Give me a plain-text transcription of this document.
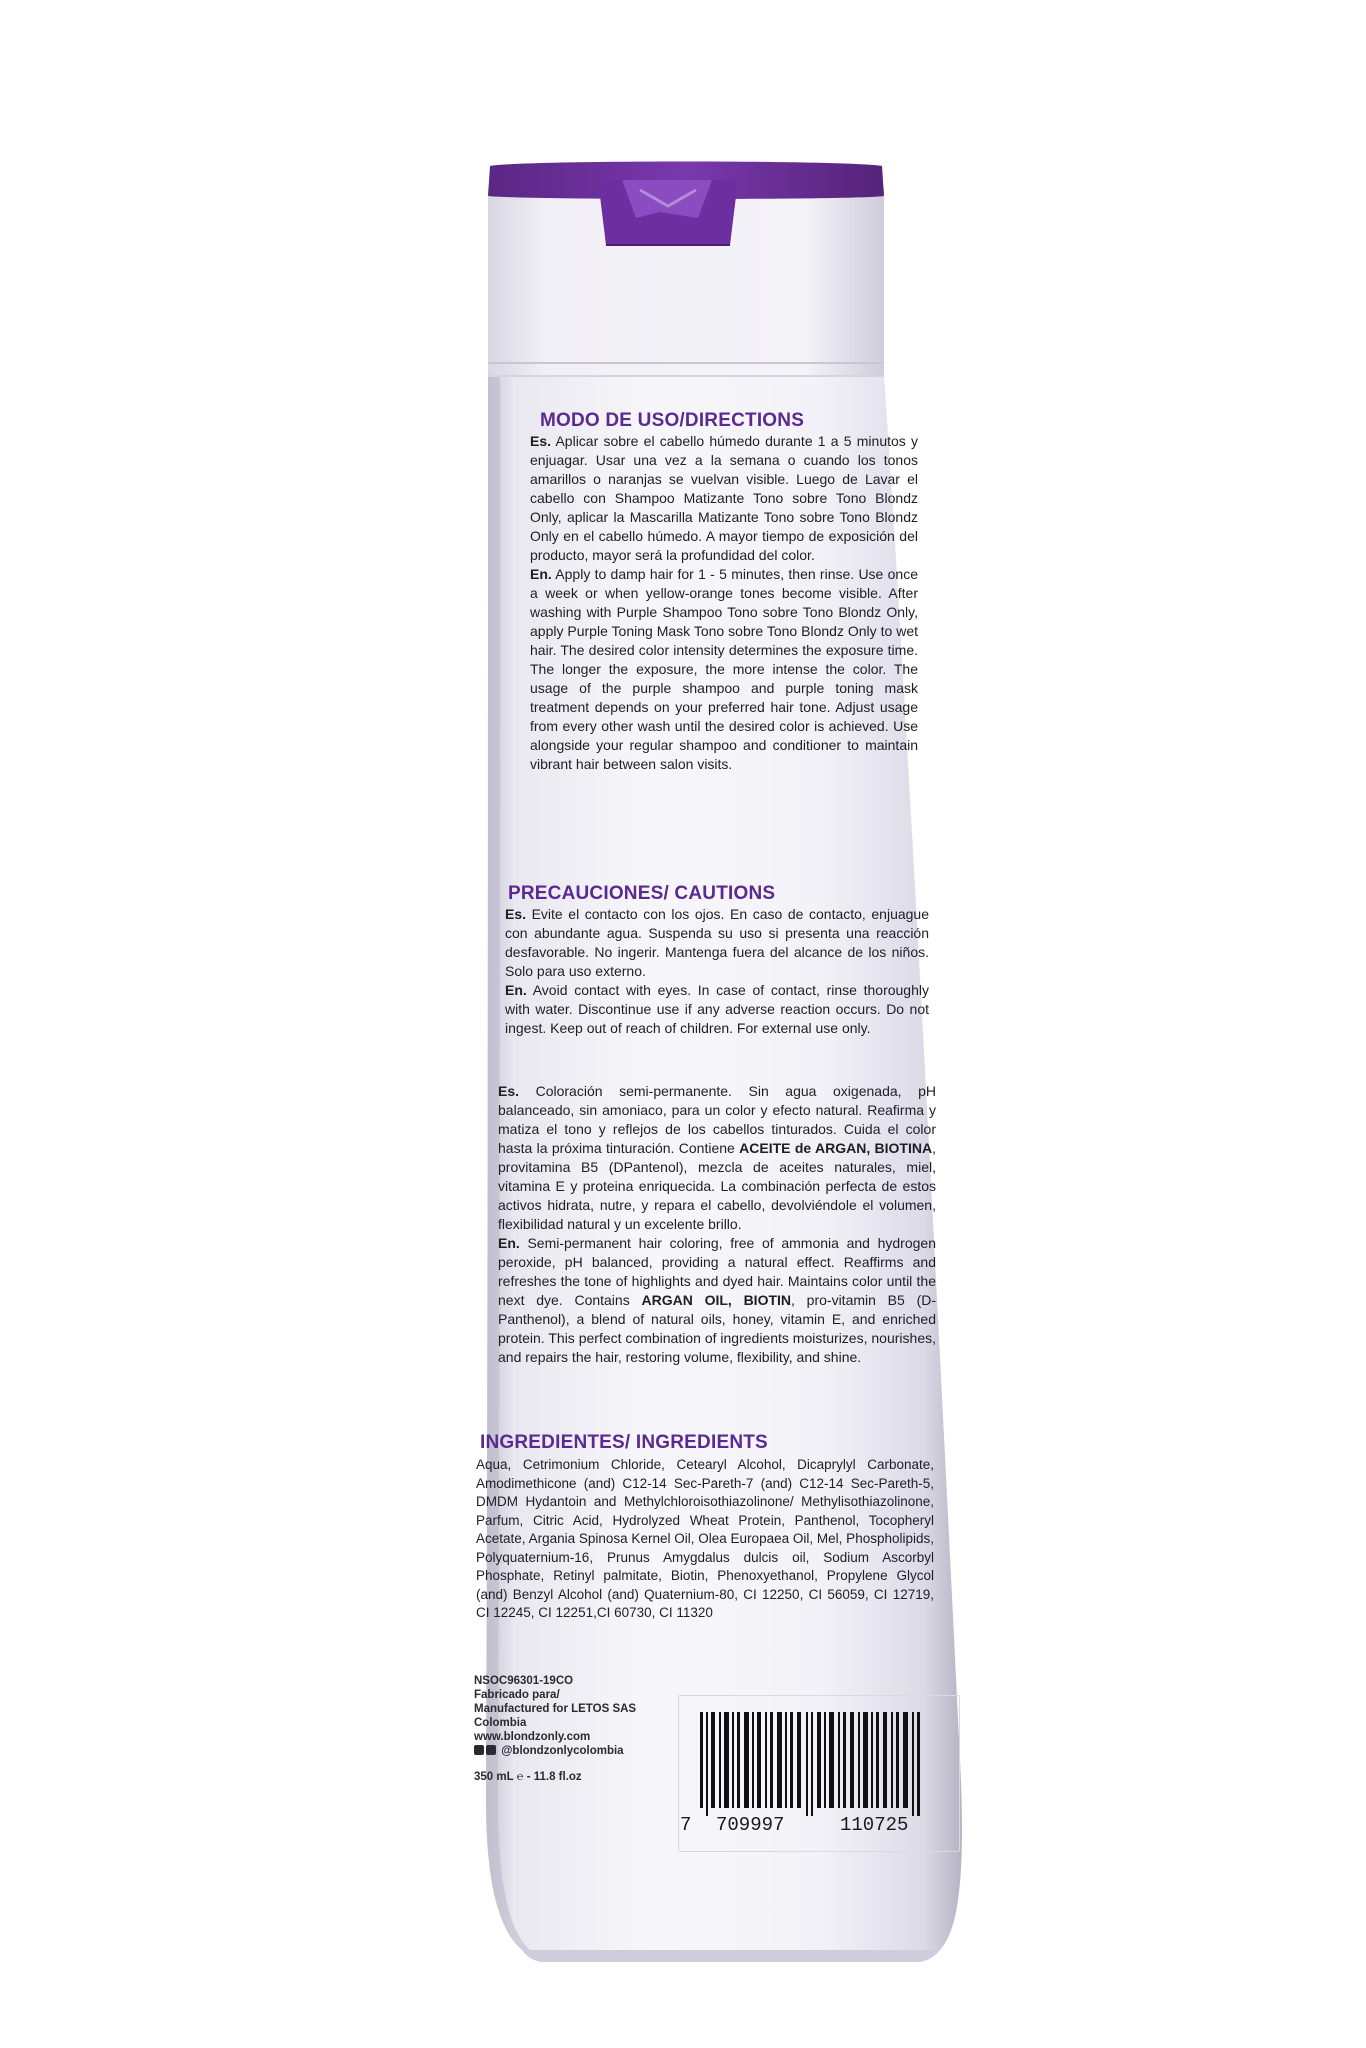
MODO DE USO/DIRECTIONS
Es. Aplicar sobre el cabello húmedo durante 1 a 5 minutos y enjuagar. Usar una vez a la semana o cuando los tonos amarillos o naranjas se vuelvan visible. Luego de Lavar el cabello con Shampoo Matizante Tono sobre Tono Blondz Only, aplicar la Mascarilla Matizante Tono sobre Tono Blondz Only en el cabello húmedo. A mayor tiempo de exposición del producto, mayor será la profundidad del color.
En. Apply to damp hair for 1 - 5 minutes, then rinse. Use once a week or when yellow-orange tones become visible. After washing with Purple Shampoo Tono sobre Tono Blondz Only, apply Purple Toning Mask Tono sobre Tono Blondz Only to wet hair. The desired color intensity determines the exposure time. The longer the exposure, the more intense the color. The usage of the purple shampoo and purple toning mask treatment depends on your preferred hair tone. Adjust usage from every other wash until the desired color is achieved. Use alongside your regular shampoo and conditioner to maintain vibrant hair between salon visits.
PRECAUCIONES/ CAUTIONS
Es. Evite el contacto con los ojos. En caso de contacto, enjuague con abundante agua. Suspenda su uso si presenta una reacción desfavorable. No ingerir. Mantenga fuera del alcance de los niños. Solo para uso externo.
En. Avoid contact with eyes. In case of contact, rinse thoroughly with water. Discontinue use if any adverse reaction occurs. Do not ingest. Keep out of reach of children. For external use only.
Es. Coloración semi-permanente. Sin agua oxigenada, pH balanceado, sin amoniaco, para un color y efecto natural. Reafirma y matiza el tono y reflejos de los cabellos tinturados. Cuida el color hasta la próxima tinturación. Contiene ACEITE de ARGAN, BIOTINA, provitamina B5 (DPantenol), mezcla de aceites naturales, miel, vitamina E y proteina enriquecida. La combinación perfecta de estos activos hidrata, nutre, y repara el cabello, devolviéndole el volumen, flexibilidad natural y un excelente brillo.
En. Semi-permanent hair coloring, free of ammonia and hydrogen peroxide, pH balanced, providing a natural effect. Reaffirms and refreshes the tone of highlights and dyed hair. Maintains color until the next dye. Contains ARGAN OIL, BIOTIN, pro-vitamin B5 (D-Panthenol), a blend of natural oils, honey, vitamin E, and enriched protein. This perfect combination of ingredients moisturizes, nourishes, and repairs the hair, restoring volume, flexibility, and shine.
INGREDIENTES/ INGREDIENTS
Aqua, Cetrimonium Chloride, Cetearyl Alcohol, Dicaprylyl Carbonate, Amodimethicone (and) C12-14 Sec-Pareth-7 (and) C12-14 Sec-Pareth-5, DMDM Hydantoin and Methylchloroisothiazolinone/ Methylisothiazolinone, Parfum, Citric Acid, Hydrolyzed Wheat Protein, Panthenol, Tocopheryl Acetate, Argania Spinosa Kernel Oil, Olea Europaea Oil, Mel, Phospholipids, Polyquaternium-16, Prunus Amygdalus dulcis oil, Sodium Ascorbyl Phosphate, Retinyl palmitate, Biotin, Phenoxyethanol, Propylene Glycol (and) Benzyl Alcohol (and) Quaternium-80, CI 12250, CI 56059, CI 12719, CI 12245, CI 12251,CI 60730, CI 11320
NSOC96301-19CO
Fabricado para/
Manufactured for LETOS SAS
Colombia
www.blondzonly.com
@blondzonlycolombia
350 mL ℮ - 11.8 fl.oz
7 709997	110725
